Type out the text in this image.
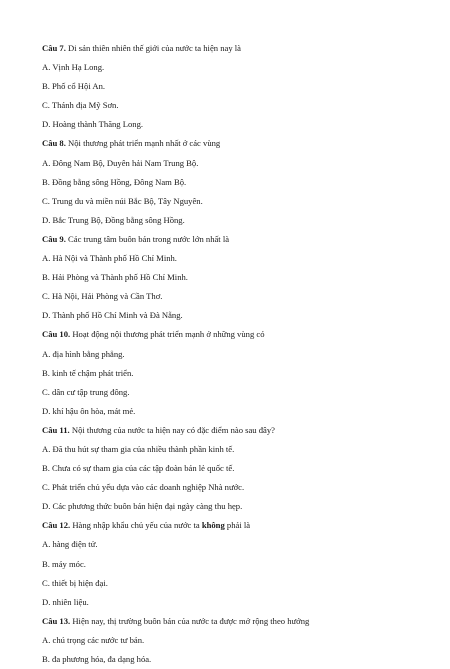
Câu 7. Di sản thiên nhiên thế giới của nước ta hiện nay là
A. Vịnh Hạ Long.
B. Phố cổ Hội An.
C. Thánh địa Mỹ Sơn.
D. Hoàng thành Thăng Long.
Câu 8. Nội thương phát triển mạnh nhất ở các vùng
A. Đông Nam Bộ, Duyên hải Nam Trung Bộ.
B. Đồng bằng sông Hồng, Đông Nam Bộ.
C. Trung du và miền núi Bắc Bộ, Tây Nguyên.
D. Bắc Trung Bộ, Đồng bằng sông Hồng.
Câu 9. Các trung tâm buôn bán trong nước lớn nhất là
A. Hà Nội và Thành phố Hồ Chí Minh.
B. Hải Phòng và Thành phố Hồ Chí Minh.
C. Hà Nội, Hải Phòng và Cần Thơ.
D. Thành phố Hồ Chí Minh và Đà Nẵng.
Câu 10. Hoạt động nội thương phát triển mạnh ở những vùng có
A. địa hình bằng phẳng.
B. kinh tế chậm phát triển.
C. dân cư tập trung đông.
D. khí hậu ôn hòa, mát mẻ.
Câu 11. Nội thương của nước ta hiện nay có đặc điểm nào sau đây?
A. Đã thu hút sự tham gia của nhiều thành phần kinh tế.
B. Chưa có sự tham gia của các tập đoàn bán lẻ quốc tế.
C. Phát triển chủ yếu dựa vào các doanh nghiệp Nhà nước.
D. Các phương thức buôn bán hiện đại ngày càng thu hẹp.
Câu 12. Hàng nhập khẩu chủ yếu của nước ta không phải là
A. hàng điện tử.
B. máy móc.
C. thiết bị hiện đại.
D. nhiên liệu.
Câu 13. Hiện nay, thị trường buôn bán của nước ta được mở rộng theo hướng
A. chú trọng các nước tư bản.
B. đa phương hóa, đa dạng hóa.
